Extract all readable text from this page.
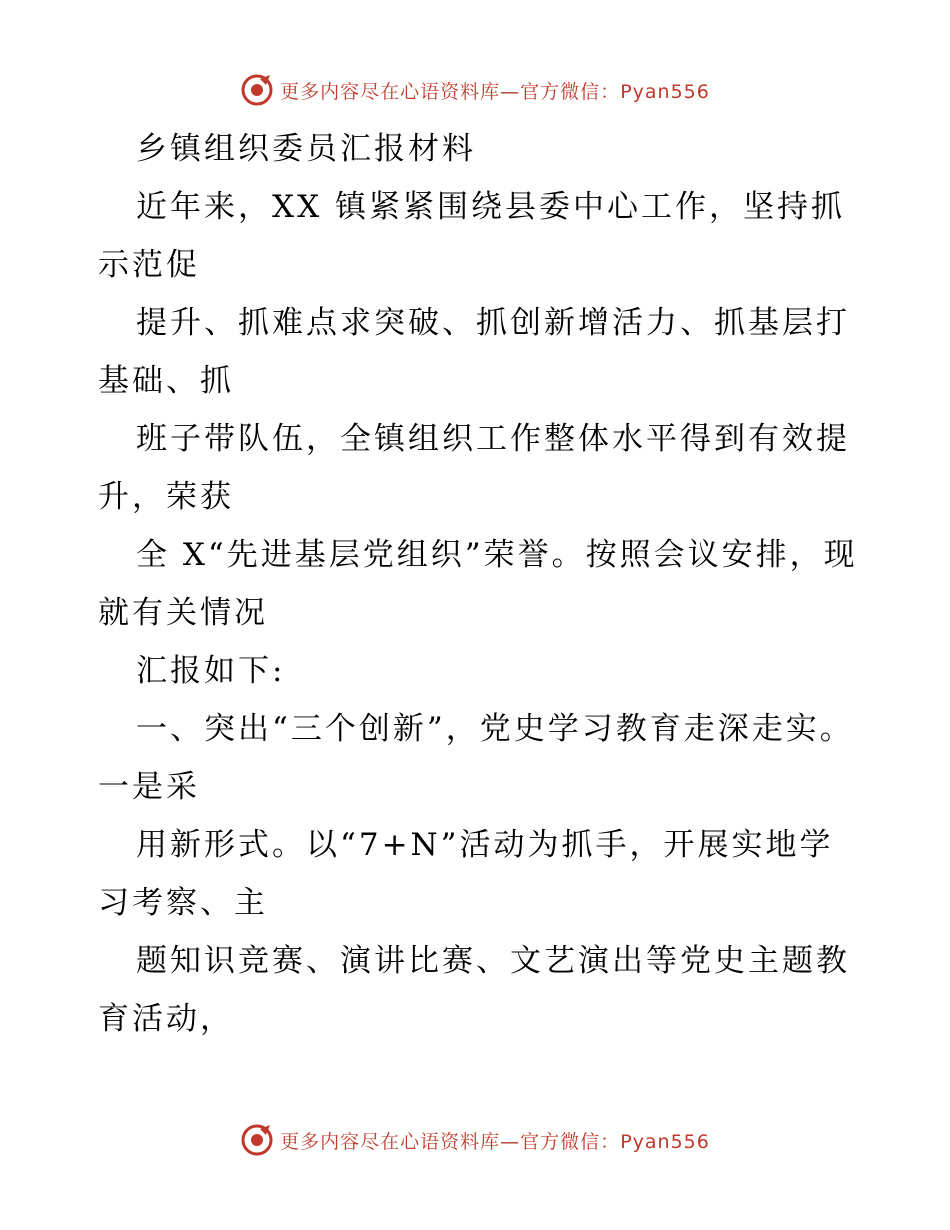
更多内容尽在心语资料库—官方微信：Pyan556

乡镇组织委员汇报材料

近年来，XX 镇紧紧围绕县委中心工作，坚持抓示范促

提升、抓难点求突破、抓创新增活力、抓基层打基础、抓

班子带队伍，全镇组织工作整体水平得到有效提升，荣获

全 X“先进基层党组织”荣誉。按照会议安排，现就有关情况

汇报如下:

一、突出“三个创新”，党史学习教育走深走实。一是采

用新形式。以“7+N”活动为抓手，开展实地学习考察、主

题知识竞赛、演讲比赛、文艺演出等党史主题教育活动，

更多内容尽在心语资料库—官方微信：Pyan556
